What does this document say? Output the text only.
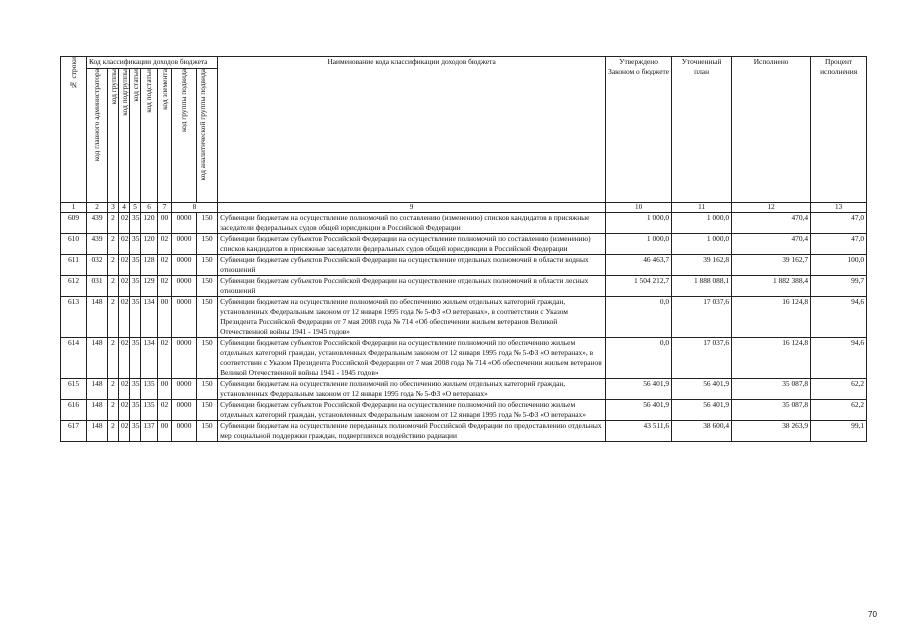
№ строки	Код классификации доходов бюджета								Наименование кода классификации доходов бюджета	Утверждено Законом о бюджете	Уточненный план	Исполнено	Процент исполнения
	код главного администратора	код группы	код подгруппы	код статьи	код подстатьи	код элемента	код группы подвида	код аналитической группы подвида					
1	2	3	4	5	6	7	8		9	10	11	12	13
609	439	2	02	35	120	00	0000	150	Субвенции бюджетам на осуществление полномочий по составлению (изменению) списков кандидатов в присяжные заседатели федеральных судов общей юрисдикции в Российской Федерации	1 000,0	1 000,0	470,4	47,0
610	439	2	02	35	120	02	0000	150	Субвенции бюджетам субъектов Российской Федерации на осуществление полномочий по составлению (изменению) списков кандидатов в присяжные заседатели федеральных судов общей юрисдикции в Российской Федерации	1 000,0	1 000,0	470,4	47,0
611	032	2	02	35	128	02	0000	150	Субвенции бюджетам субъектов Российской Федерации на осуществление отдельных полномочий в области водных отношений	46 463,7	39 162,8	39 162,7	100,0
612	031	2	02	35	129	02	0000	150	Субвенции бюджетам субъектов Российской Федерации на осуществление отдельных полномочий в области лесных отношений	1 504 212,7	1 888 088,1	1 882 388,4	99,7
613	148	2	02	35	134	00	0000	150	Субвенции бюджетам на осуществление полномочий по обеспечению жильем отдельных категорий граждан, установленных Федеральным законом от 12 января 1995 года № 5-ФЗ «О ветеранах», в соответствии с Указом Президента Российской Федерации от 7 мая 2008 года № 714 «Об обеспечении жильем ветеранов Великой Отечественной войны 1941 - 1945 годов»	0,0	17 037,6	16 124,8	94,6
614	148	2	02	35	134	02	0000	150	Субвенции бюджетам субъектов Российской Федерации на осуществление полномочий по обеспечению жильем отдельных категорий граждан, установленных Федеральным законом от 12 января 1995 года № 5-ФЗ «О ветеранах», в соответствии с Указом Президента Российской Федерации от 7 мая 2008 года № 714 «Об обеспечении жильем ветеранов Великой Отечественной войны 1941 - 1945 годов»	0,0	17 037,6	16 124,8	94,6
615	148	2	02	35	135	00	0000	150	Субвенции бюджетам на осуществление полномочий по обеспечению жильем отдельных категорий граждан, установленных Федеральным законом от 12 января 1995 года № 5-ФЗ «О ветеранах»	56 401,9	56 401,9	35 087,8	62,2
616	148	2	02	35	135	02	0000	150	Субвенции бюджетам субъектов Российской Федерации на осуществление полномочий по обеспечению жильем отдельных категорий граждан, установленных Федеральным законом от 12 января 1995 года № 5-ФЗ «О ветеранах»	56 401,9	56 401,9	35 087,8	62,2
617	148	2	02	35	137	00	0000	150	Субвенции бюджетам на осуществление переданных полномочий Российской Федерации по предоставлению отдельных мер социальной поддержки граждан, подвергшихся воздействию радиации	43 511,6	38 600,4	38 263,9	99,1
70
